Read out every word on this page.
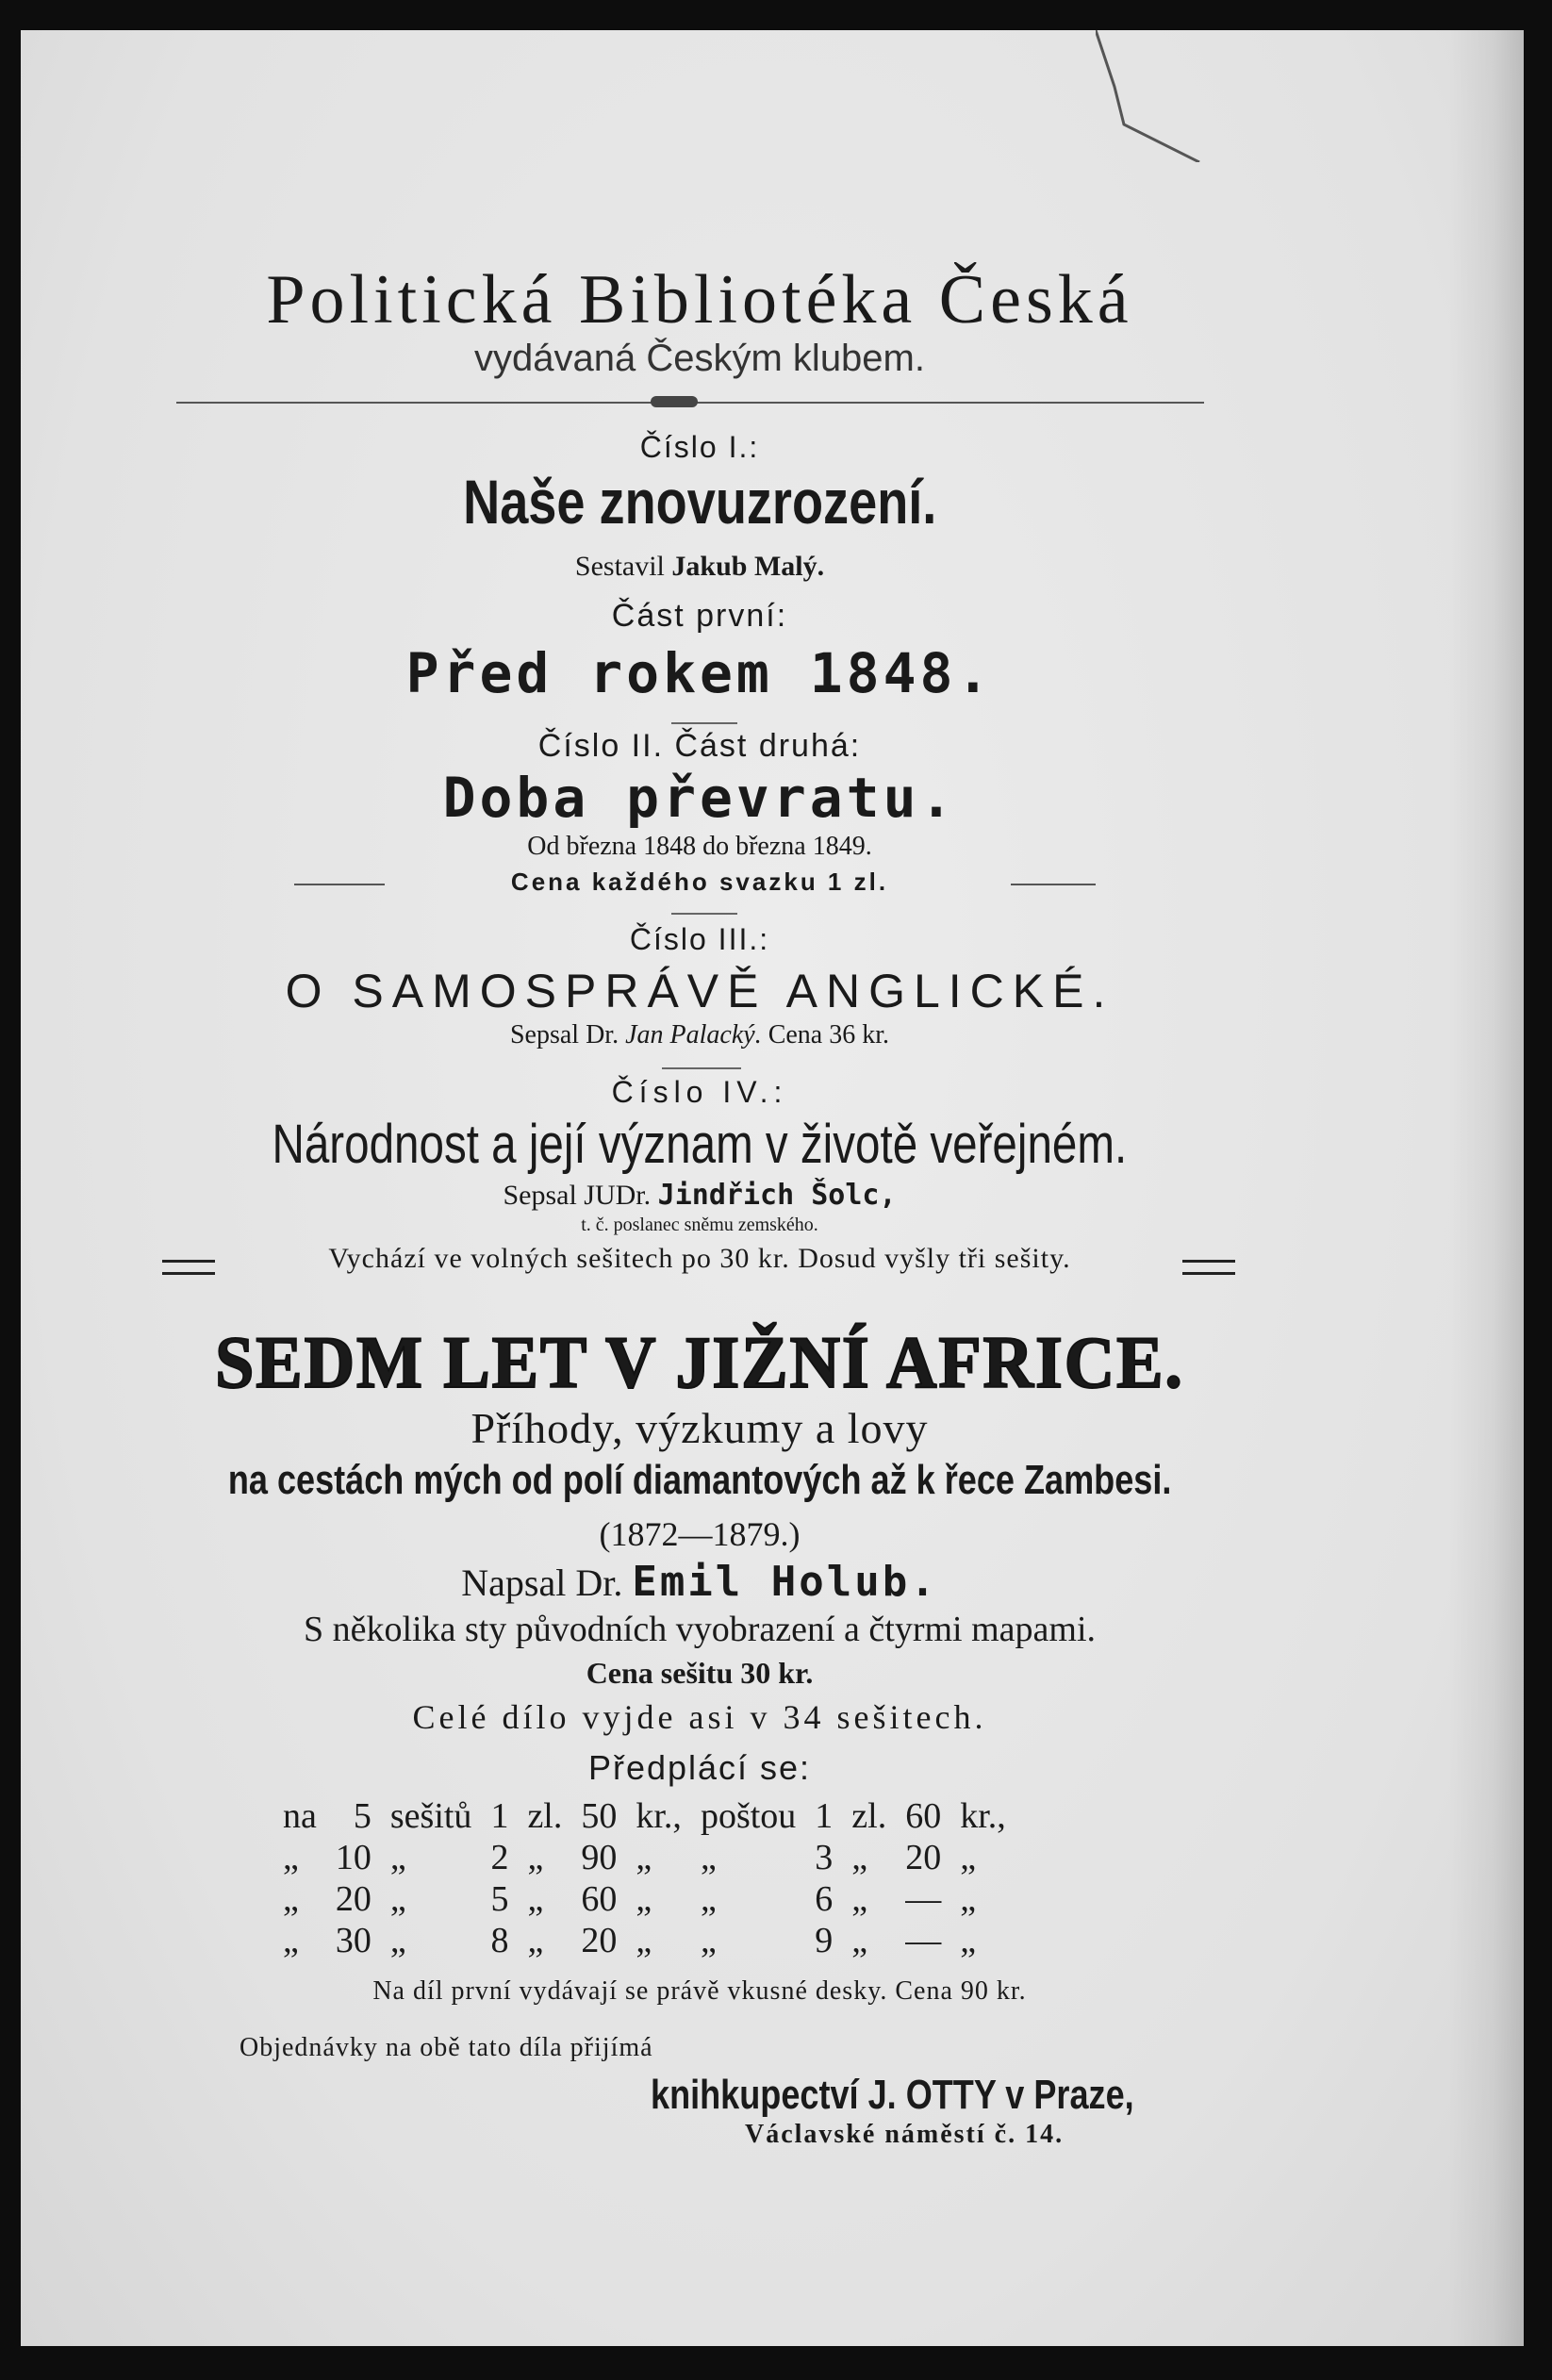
Politická Bibliotéka Česká
vydávaná Českým klubem.
Číslo I.:
Naše znovuzrození.
Sestavil Jakub Malý.
Část první:
Před rokem 1848.
Číslo II. Část druhá:
Doba převratu.
Od března 1848 do března 1849.
Cena každého svazku 1 zl.
Číslo III.:
O SAMOSPRÁVĚ ANGLICKÉ.
Sepsal Dr. Jan Palacký. Cena 36 kr.
Číslo IV.:
Národnost a její význam v životě veřejném.
Sepsal JUDr. Jindřich Šolc,
t. č. poslanec sněmu zemského.
Vychází ve volných sešitech po 30 kr. Dosud vyšly tři sešity.
SEDM LET V JIŽNÍ AFRICE.
Příhody, výzkumy a lovy
na cestách mých od polí diamantových až k řece Zambesi.
(1872—1879.)
Napsal Dr. Emil Holub.
S několika sty původních vyobrazení a čtyrmi mapami.
Cena sešitu 30 kr.
Celé dílo vyjde asi v 34 sešitech.
Předplácí se:
na	5	sešitů	1	zl.	50	kr.,	poštou	1	zl.	60	kr.,
„	10	„	2	„	90	„	„	3	„	20	„
„	20	„	5	„	60	„	„	6	„	—	„
„	30	„	8	„	20	„	„	9	„	—	„
Na díl první vydávají se právě vkusné desky. Cena 90 kr.
Objednávky na obě tato díla přijímá
knihkupectví J. OTTY v Praze,
Václavské náměstí č. 14.
